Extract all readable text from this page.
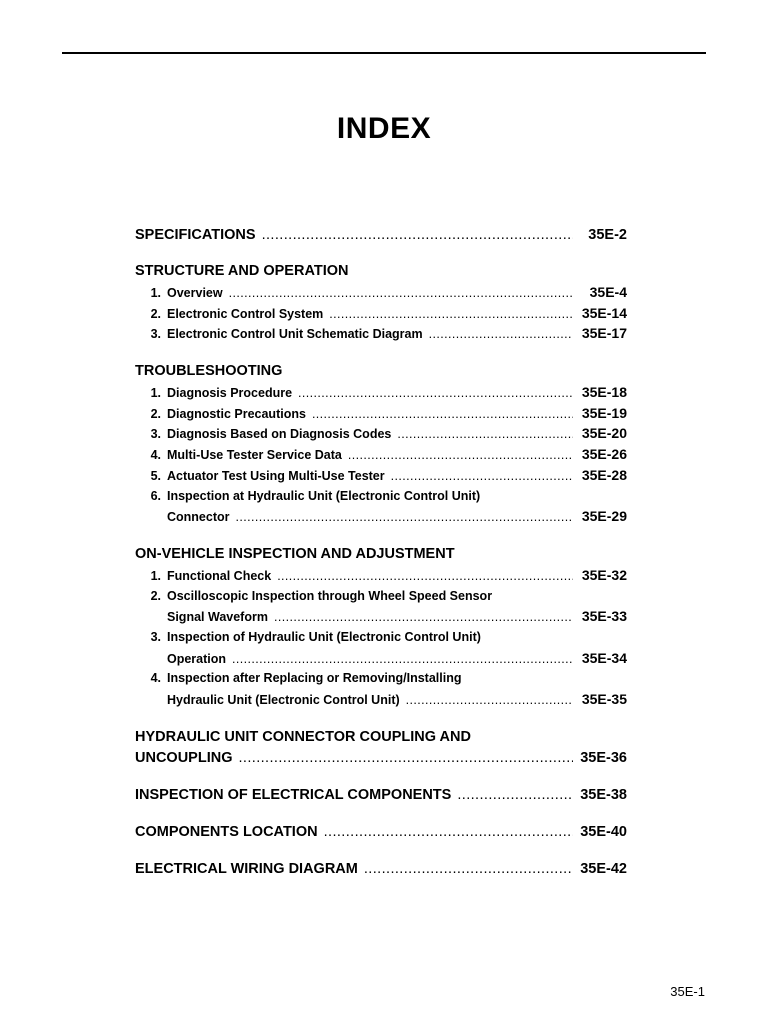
INDEX
SPECIFICATIONS .....	35E-2
STRUCTURE AND OPERATION
1. Overview .....	35E-4
2. Electronic Control System .....	35E-14
3. Electronic Control Unit Schematic Diagram .....	35E-17
TROUBLESHOOTING
1. Diagnosis Procedure .....	35E-18
2. Diagnostic Precautions .....	35E-19
3. Diagnosis Based on Diagnosis Codes .....	35E-20
4. Multi-Use Tester Service Data .....	35E-26
5. Actuator Test Using Multi-Use Tester .....	35E-28
6. Inspection at Hydraulic Unit (Electronic Control Unit)
Connector .....	35E-29
ON-VEHICLE INSPECTION AND ADJUSTMENT
1. Functional Check .....	35E-32
2. Oscilloscopic Inspection through Wheel Speed Sensor
Signal Waveform .....	35E-33
3. Inspection of Hydraulic Unit (Electronic Control Unit)
Operation .....	35E-34
4. Inspection after Replacing or Removing/Installing
Hydraulic Unit (Electronic Control Unit) .....	35E-35
HYDRAULIC UNIT CONNECTOR COUPLING AND
UNCOUPLING .....	35E-36
INSPECTION OF ELECTRICAL COMPONENTS .....	35E-38
COMPONENTS LOCATION .....	35E-40
ELECTRICAL WIRING DIAGRAM .....	35E-42
35E-1
